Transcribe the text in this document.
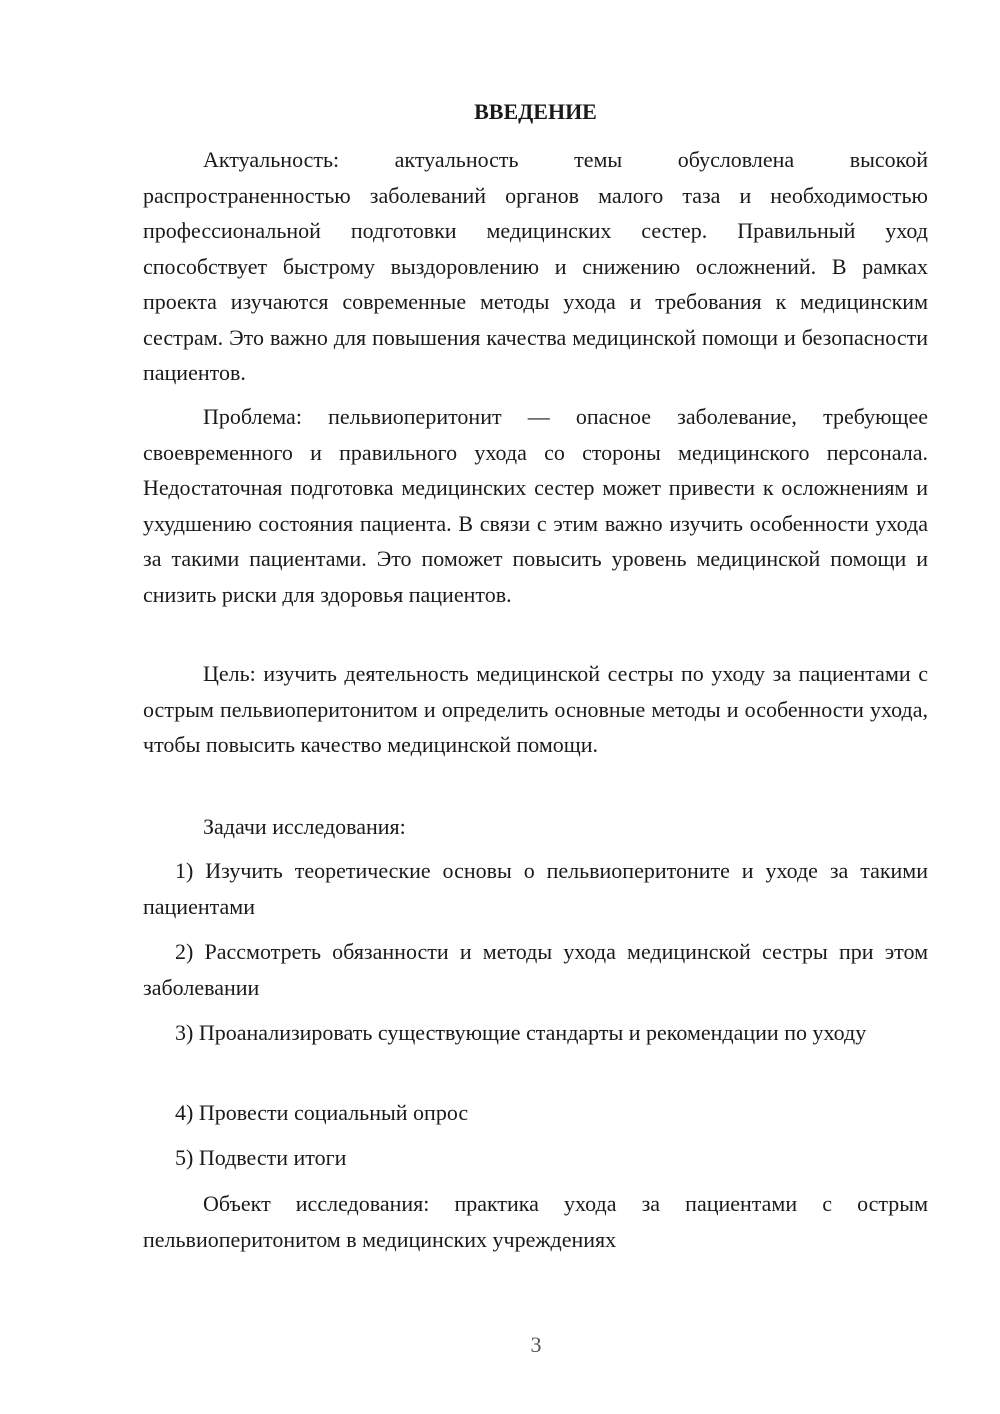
ВВЕДЕНИЕ

Актуальность: актуальность темы обусловлена высокой распространенностью заболеваний органов малого таза и необходимостью профессиональной подготовки медицинских сестер. Правильный уход способствует быстрому выздоровлению и снижению осложнений. В рамках проекта изучаются современные методы ухода и требования к медицинским сестрам. Это важно для повышения качества медицинской помощи и безопасности пациентов.

Проблема: пельвиоперитонит — опасное заболевание, требующее своевременного и правильного ухода со стороны медицинского персонала. Недостаточная подготовка медицинских сестер может привести к осложнениям и ухудшению состояния пациента. В связи с этим важно изучить особенности ухода за такими пациентами. Это поможет повысить уровень медицинской помощи и снизить риски для здоровья пациентов.

Цель: изучить деятельность медицинской сестры по уходу за пациентами с острым пельвиоперитонитом и определить основные методы и особенности ухода, чтобы повысить качество медицинской помощи.

Задачи исследования:

1) Изучить теоретические основы о пельвиоперитоните и уходе за такими пациентами

2) Рассмотреть обязанности и методы ухода медицинской сестры при этом заболевании

3) Проанализировать существующие стандарты и рекомендации по уходу

4) Провести социальный опрос

5) Подвести итоги

Объект исследования: практика ухода за пациентами с острым пельвиоперитонитом в медицинских учреждениях

3
